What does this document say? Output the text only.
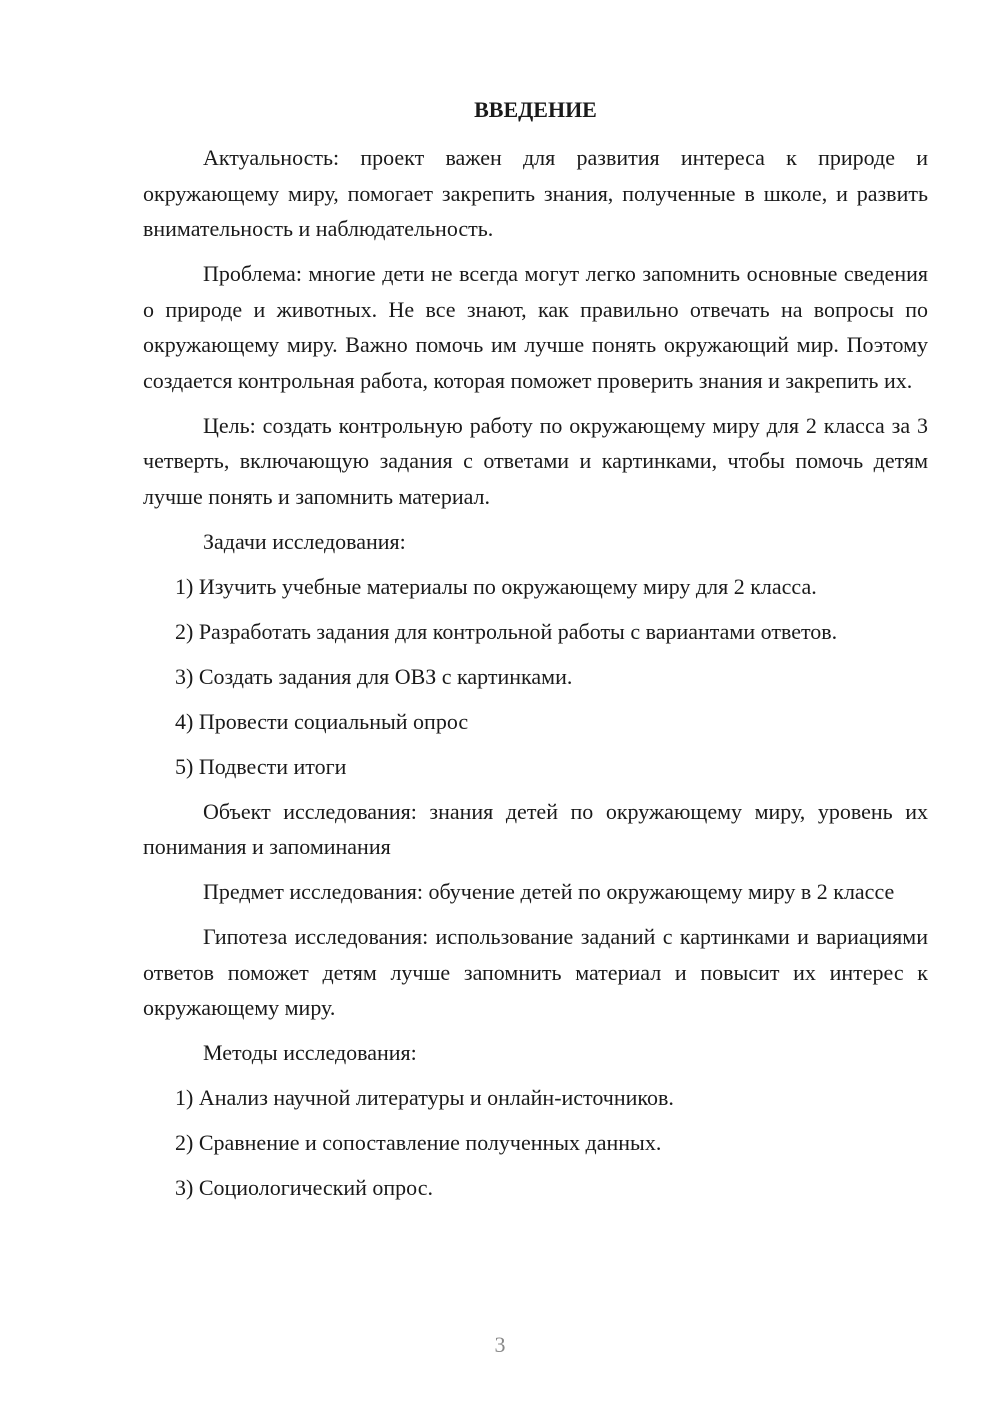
ВВЕДЕНИЕ

Актуальность: проект важен для развития интереса к природе и окружающему миру, помогает закрепить знания, полученные в школе, и развить внимательность и наблюдательность.

Проблема: многие дети не всегда могут легко запомнить основные сведения о природе и животных. Не все знают, как правильно отвечать на вопросы по окружающему миру. Важно помочь им лучше понять окружающий мир. Поэтому создается контрольная работа, которая поможет проверить знания и закрепить их.

Цель: создать контрольную работу по окружающему миру для 2 класса за 3 четверть, включающую задания с ответами и картинками, чтобы помочь детям лучше понять и запомнить материал.

Задачи исследования:

1) Изучить учебные материалы по окружающему миру для 2 класса.

2) Разработать задания для контрольной работы с вариантами ответов.

3) Создать задания для ОВЗ с картинками.

4) Провести социальный опрос

5) Подвести итоги

Объект исследования: знания детей по окружающему миру, уровень их понимания и запоминания

Предмет исследования: обучение детей по окружающему миру в 2 классе

Гипотеза исследования: использование заданий с картинками и вариациями ответов поможет детям лучше запомнить материал и повысит их интерес к окружающему миру.

Методы исследования:

1) Анализ научной литературы и онлайн-источников.

2) Сравнение и сопоставление полученных данных.

3) Социологический опрос.

3
